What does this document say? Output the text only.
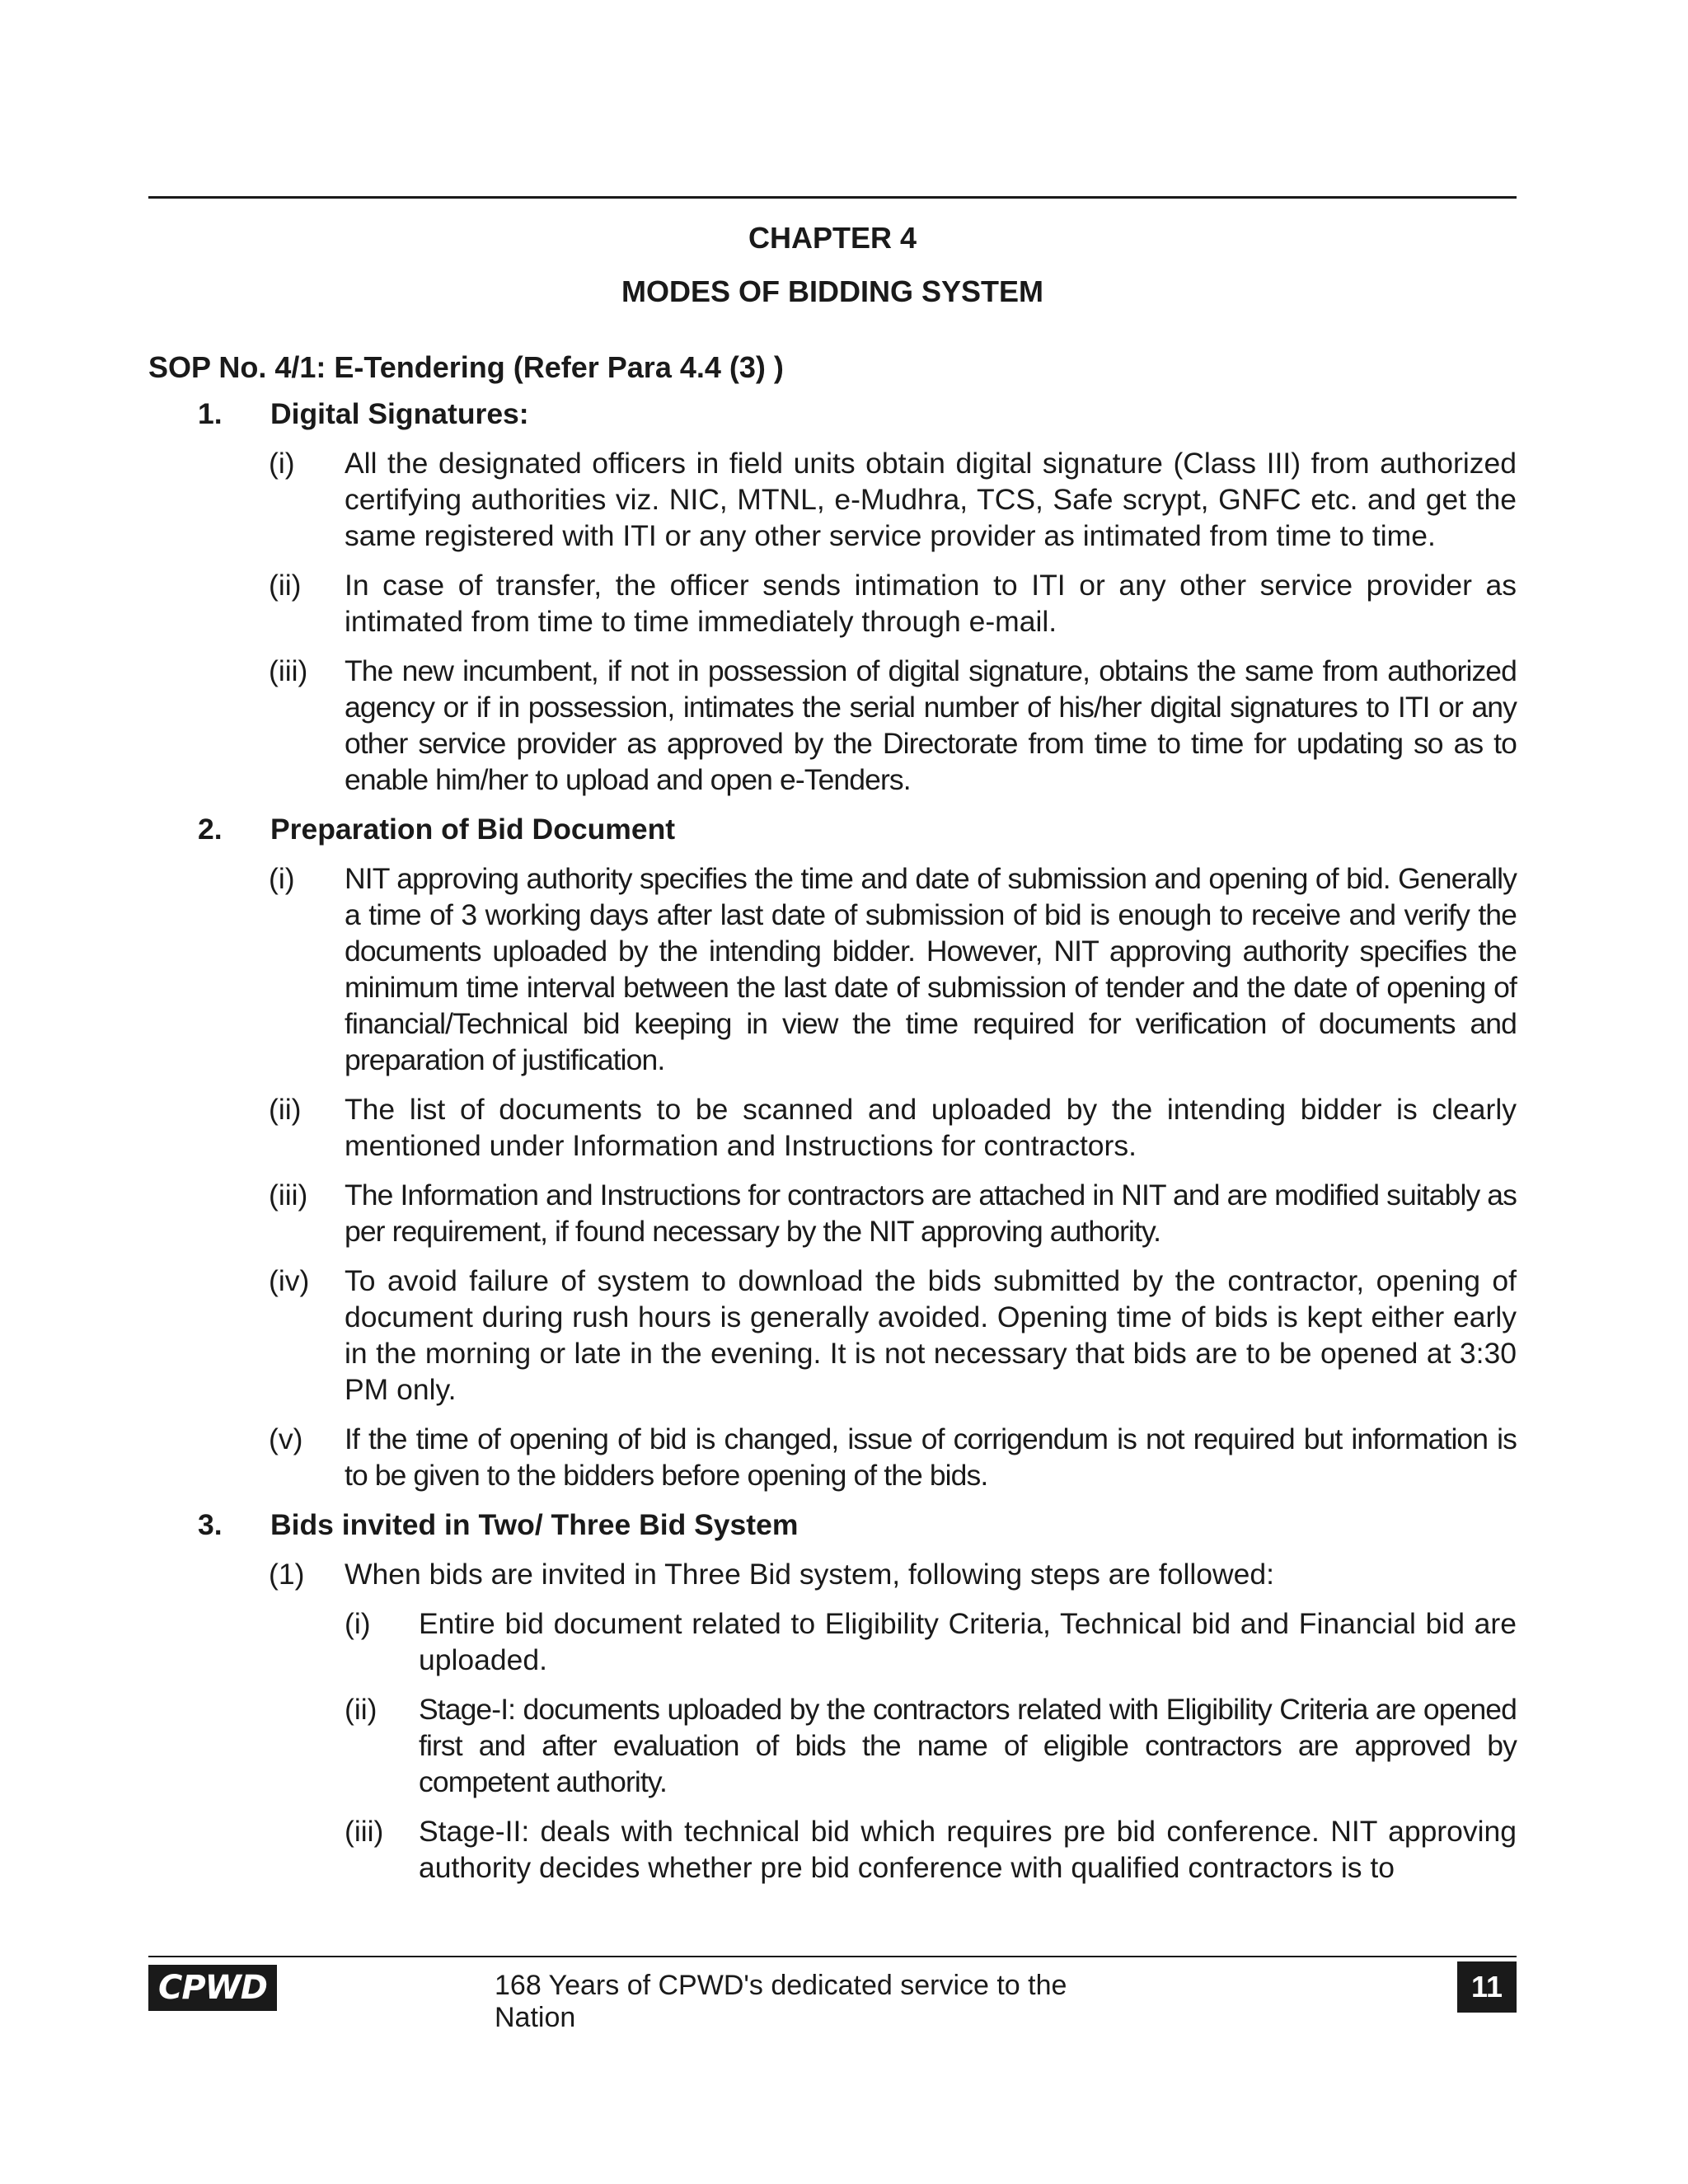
CHAPTER 4
MODES OF BIDDING SYSTEM
SOP No. 4/1: E-Tendering (Refer Para 4.4 (3) )
1. Digital Signatures:
(i) All the designated officers in field units obtain digital signature (Class III) from authorized certifying authorities viz. NIC, MTNL, e-Mudhra, TCS, Safe scrypt, GNFC etc. and get the same registered with ITI or any other service provider as intimated from time to time.
(ii) In case of transfer, the officer sends intimation to ITI or any other service provider as intimated from time to time immediately through e-mail.
(iii) The new incumbent, if not in possession of digital signature, obtains the same from authorized agency or if in possession, intimates the serial number of his/her digital signatures to ITI or any other service provider as approved by the Directorate from time to time for updating so as to enable him/her to upload and open e-Tenders.
2. Preparation of Bid Document
(i) NIT approving authority specifies the time and date of submission and opening of bid. Generally a time of 3 working days after last date of submission of bid is enough to receive and verify the documents uploaded by the intending bidder. However, NIT approving authority specifies the minimum time interval between the last date of submission of tender and the date of opening of financial/Technical bid keeping in view the time required for verification of documents and preparation of justification.
(ii) The list of documents to be scanned and uploaded by the intending bidder is clearly mentioned under Information and Instructions for contractors.
(iii) The Information and Instructions for contractors are attached in NIT and are modified suitably as per requirement, if found necessary by the NIT approving authority.
(iv) To avoid failure of system to download the bids submitted by the contractor, opening of document during rush hours is generally avoided. Opening time of bids is kept either early in the morning or late in the evening. It is not necessary that bids are to be opened at 3:30 PM only.
(v) If the time of opening of bid is changed, issue of corrigendum is not required but information is to be given to the bidders before opening of the bids.
3. Bids invited in Two/ Three Bid System
(1) When bids are invited in Three Bid system, following steps are followed:
(i) Entire bid document related to Eligibility Criteria, Technical bid and Financial bid are uploaded.
(ii) Stage-I: documents uploaded by the contractors related with Eligibility Criteria are opened first and after evaluation of bids the name of eligible contractors are approved by competent authority.
(iii) Stage-II: deals with technical bid which requires pre bid conference. NIT approving authority decides whether pre bid conference with qualified contractors is to
CPWD	168 Years of CPWD's dedicated service to the Nation
11
